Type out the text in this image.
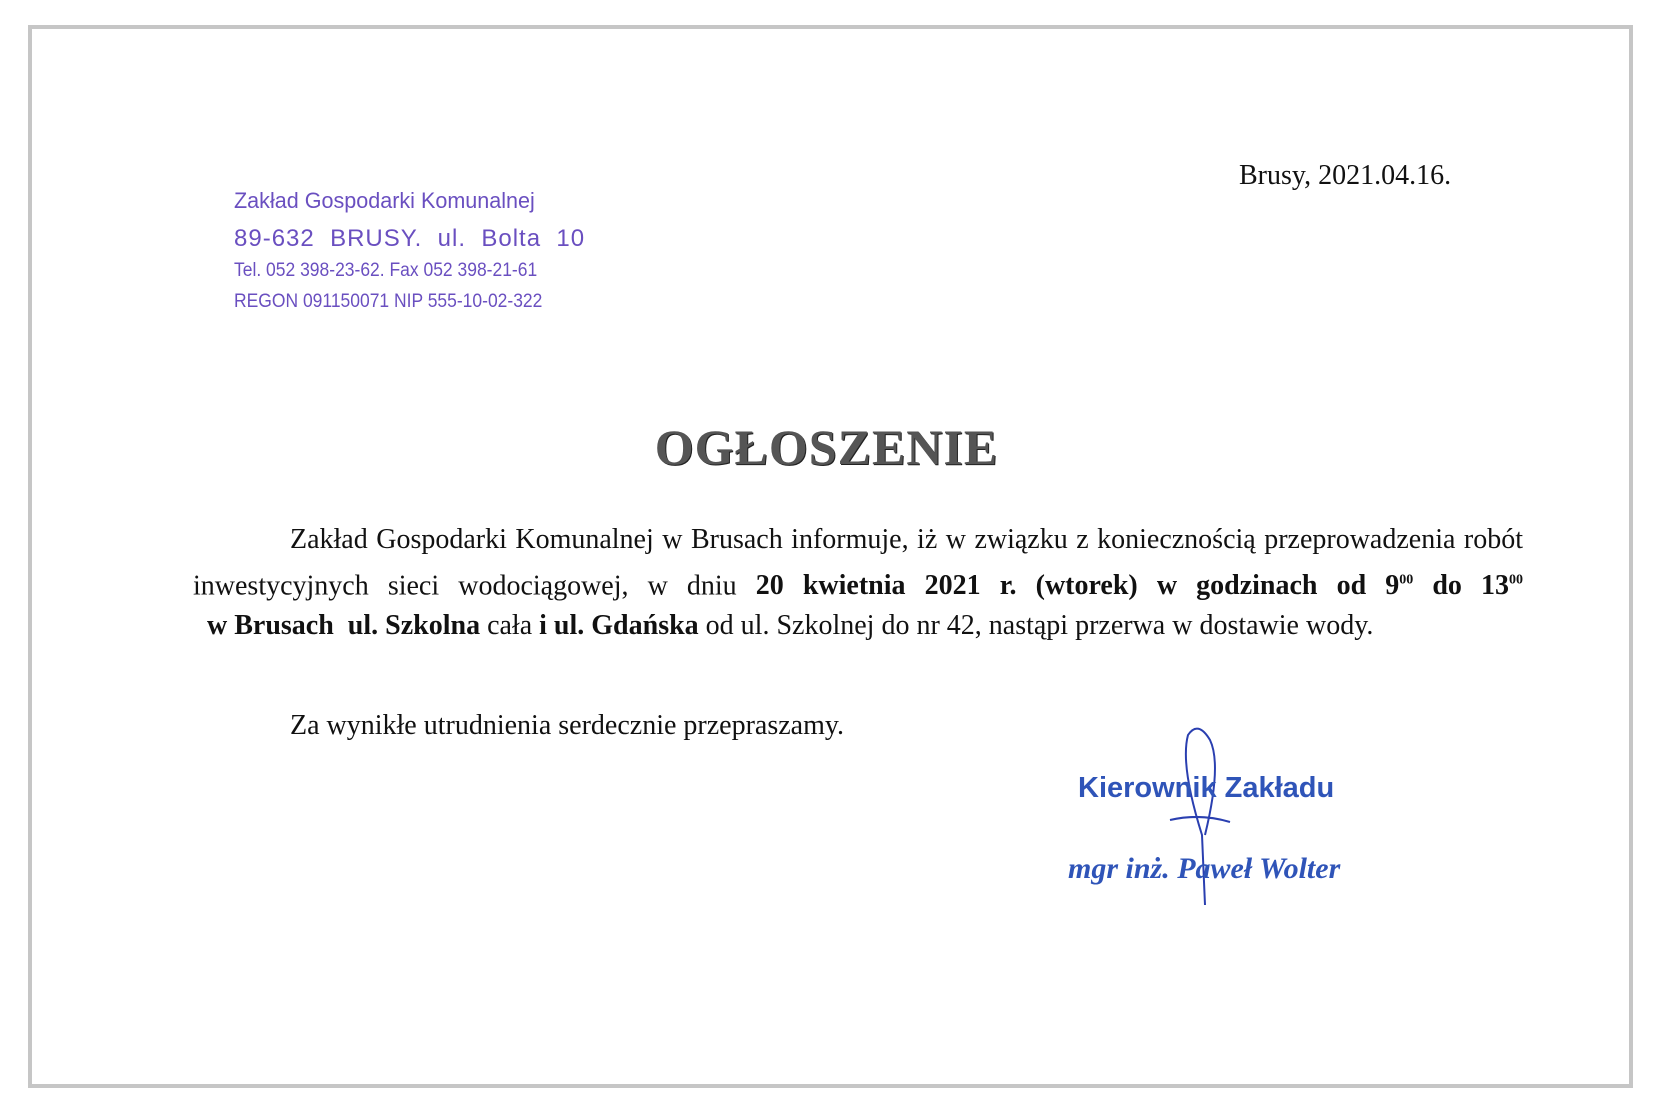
Brusy, 2021.04.16.
Zakład Gospodarki Komunalnej
89-632  BRUSY.  ul.  Bolta  10
Tel. 052 398-23-62. Fax 052 398-21-61
REGON 091150071 NIP 555-10-02-322
OGŁOSZENIE

Zakład Gospodarki Komunalnej w Brusach informuje, iż w związku z koniecznością przeprowadzenia robót inwestycyjnych sieci wodociągowej, w dniu 20 kwietnia 2021 r. (wtorek) w godzinach od $9^{00}$ do $13^{00}$  w Brusach  ul. Szkolna cała i ul. Gdańska od ul. Szkolnej do nr 42, nastąpi przerwa w dostawie wody.

Za wynikłe utrudnienia serdecznie przepraszamy.
Kierownik Zakładu
mgr inż. Paweł Wolter
